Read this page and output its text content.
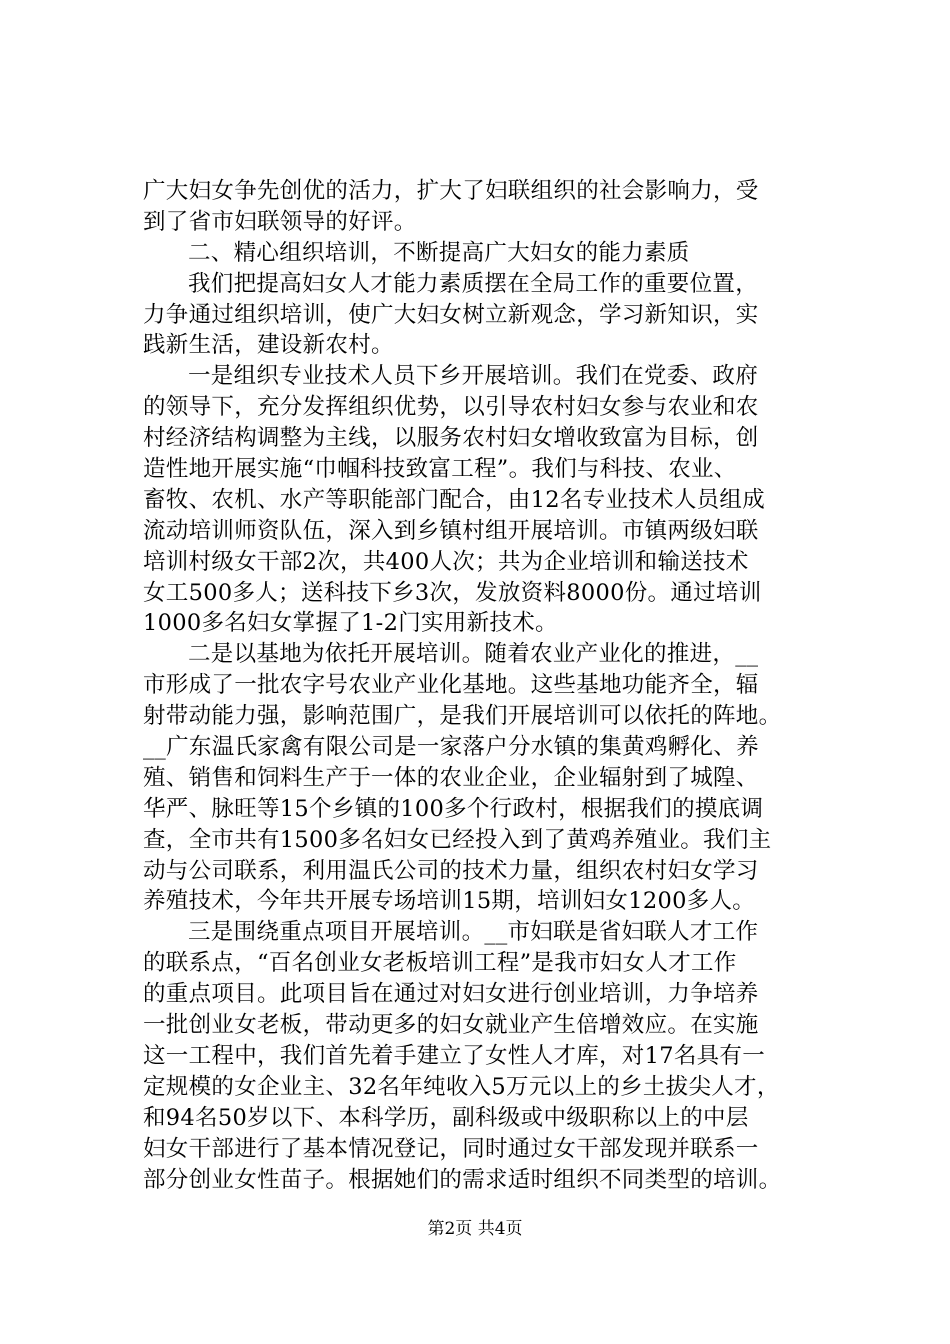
广大妇女争先创优的活力，扩大了妇联组织的社会影响力，受
到了省市妇联领导的好评。
二、精心组织培训，不断提高广大妇女的能力素质
我们把提高妇女人才能力素质摆在全局工作的重要位置，
力争通过组织培训，使广大妇女树立新观念，学习新知识，实
践新生活，建设新农村。
一是组织专业技术人员下乡开展培训。我们在党委、政府
的领导下，充分发挥组织优势，以引导农村妇女参与农业和农
村经济结构调整为主线，以服务农村妇女增收致富为目标，创
造性地开展实施“巾帼科技致富工程”。我们与科技、农业、
畜牧、农机、水产等职能部门配合，由12名专业技术人员组成
流动培训师资队伍，深入到乡镇村组开展培训。市镇两级妇联
培训村级女干部2次，共400人次；共为企业培训和输送技术
女工500多人；送科技下乡3次，发放资料8000份。通过培训
1000多名妇女掌握了1-2门实用新技术。
二是以基地为依托开展培训。随着农业产业化的推进，__
市形成了一批农字号农业产业化基地。这些基地功能齐全，辐
射带动能力强，影响范围广，是我们开展培训可以依托的阵地。
__广东温氏家禽有限公司是一家落户分水镇的集黄鸡孵化、养
殖、销售和饲料生产于一体的农业企业，企业辐射到了城隍、
华严、脉旺等15个乡镇的100多个行政村，根据我们的摸底调
查，全市共有1500多名妇女已经投入到了黄鸡养殖业。我们主
动与公司联系，利用温氏公司的技术力量，组织农村妇女学习
养殖技术，今年共开展专场培训15期，培训妇女1200多人。
三是围绕重点项目开展培训。__市妇联是省妇联人才工作
的联系点，“百名创业女老板培训工程”是我市妇女人才工作
的重点项目。此项目旨在通过对妇女进行创业培训，力争培养
一批创业女老板，带动更多的妇女就业产生倍增效应。在实施
这一工程中，我们首先着手建立了女性人才库，对17名具有一
定规模的女企业主、32名年纯收入5万元以上的乡土拔尖人才，
和94名50岁以下、本科学历，副科级或中级职称以上的中层
妇女干部进行了基本情况登记，同时通过女干部发现并联系一
部分创业女性苗子。根据她们的需求适时组织不同类型的培训。
第2页 共4页
